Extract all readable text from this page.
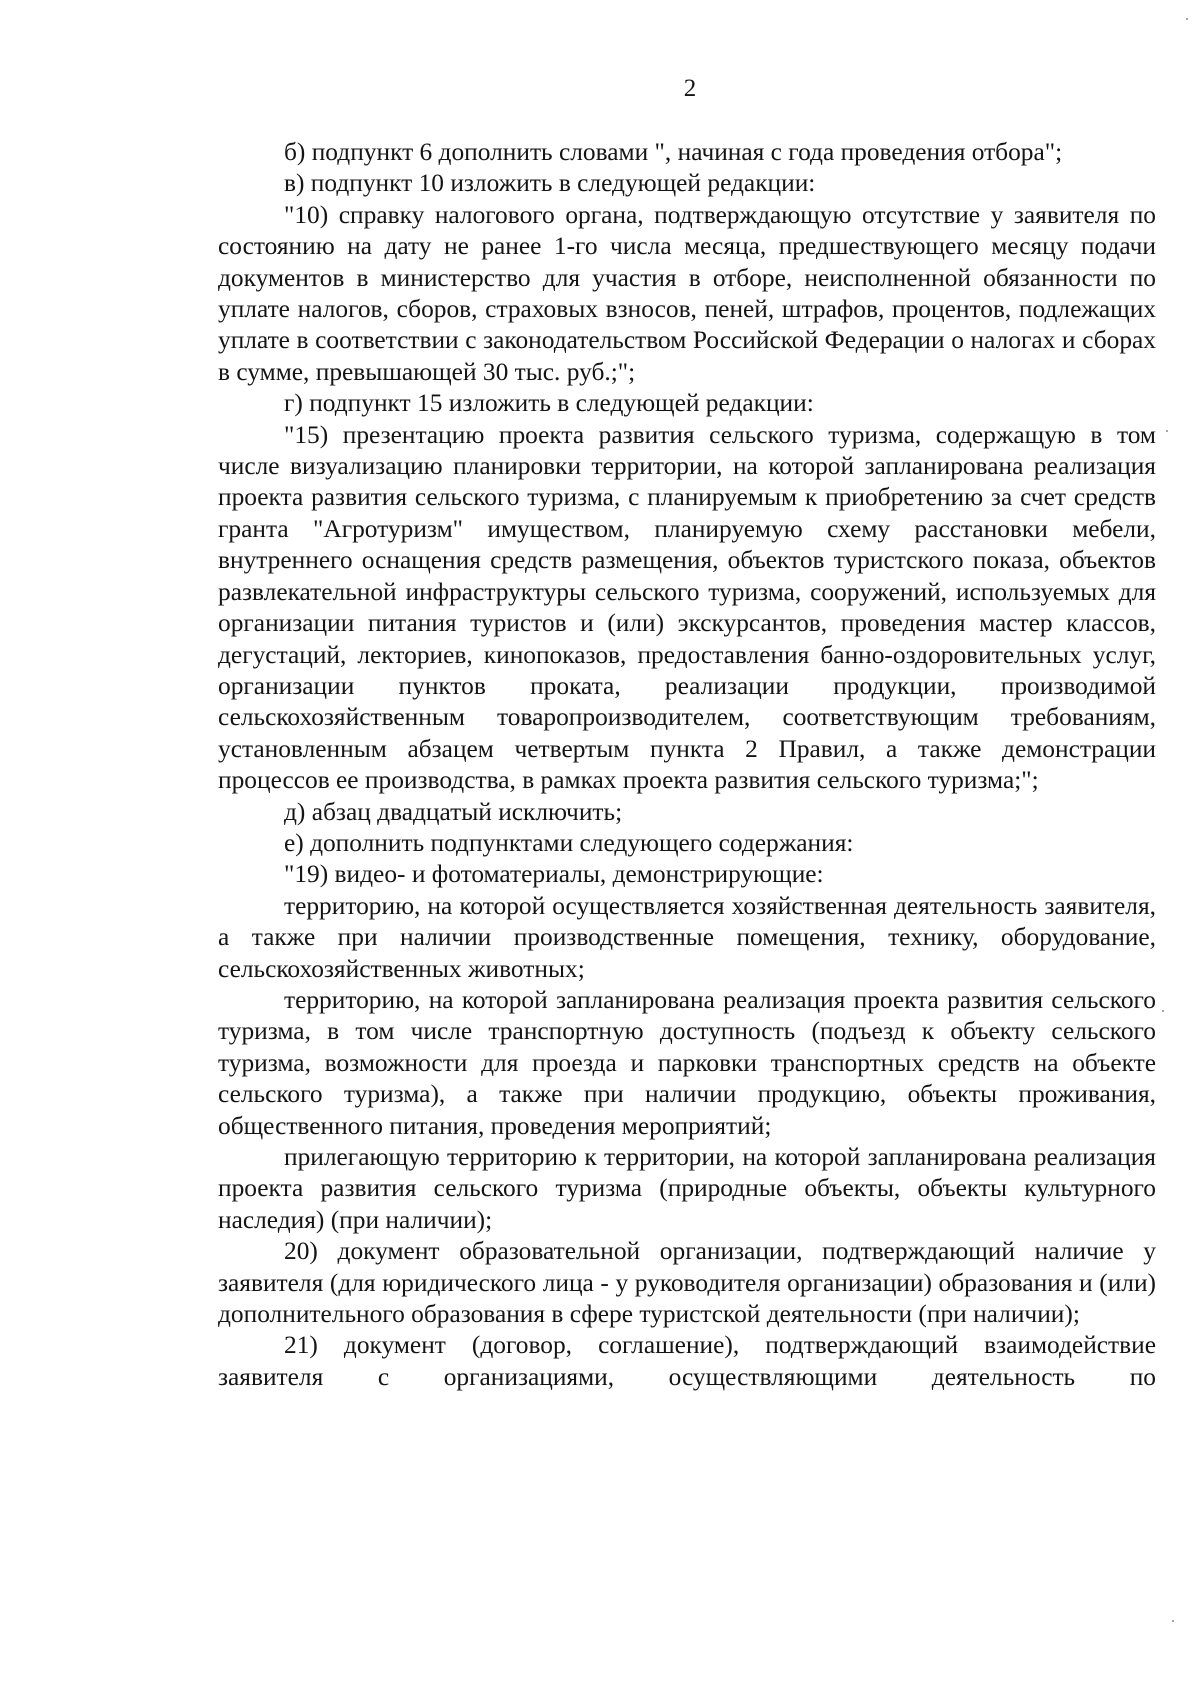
2

б) подпункт 6 дополнить словами ", начиная с года проведения отбора";

в) подпункт 10 изложить в следующей редакции:

"10) справку налогового органа, подтверждающую отсутствие у заявителя по состоянию на дату не ранее 1-го числа месяца, предшествующего месяцу подачи документов в министерство для участия в отборе, неисполненной обязанности по уплате налогов, сборов, страховых взносов, пеней, штрафов, процентов, подлежащих уплате в соответствии с законодательством Российской Федерации о налогах и сборах в сумме, превышающей 30 тыс. руб.;";

г) подпункт 15 изложить в следующей редакции:

"15) презентацию проекта развития сельского туризма, содержащую в том числе визуализацию планировки территории, на которой запланирована реализация проекта развития сельского туризма, с планируемым к приобретению за счет средств гранта "Агротуризм" имуществом, планируемую схему расстановки мебели, внутреннего оснащения средств размещения, объектов туристского показа, объектов развлекательной инфраструктуры сельского туризма, сооружений, используемых для организации питания туристов и (или) экскурсантов, проведения мастер классов, дегустаций, лекториев, кинопоказов, предоставления банно-оздоровительных услуг, организации пунктов проката, реализации продукции, производимой сельскохозяйственным товаропроизводителем, соответствующим требованиям, установленным абзацем четвертым пункта 2 Правил, а также демонстрации процессов ее производства, в рамках проекта развития сельского туризма;";

д) абзац двадцатый исключить;

е) дополнить подпунктами следующего содержания:

"19) видео- и фотоматериалы, демонстрирующие:

территорию, на которой осуществляется хозяйственная деятельность заявителя, а также при наличии производственные помещения, технику, оборудование, сельскохозяйственных животных;

территорию, на которой запланирована реализация проекта развития сельского туризма, в том числе транспортную доступность (подъезд к объекту сельского туризма, возможности для проезда и парковки транспортных средств на объекте сельского туризма), а также при наличии продукцию, объекты проживания, общественного питания, проведения мероприятий;

прилегающую территорию к территории, на которой запланирована реализация проекта развития сельского туризма (природные объекты, объекты культурного наследия) (при наличии);

20) документ образовательной организации, подтверждающий наличие у заявителя (для юридического лица - у руководителя организации) образования и (или) дополнительного образования в сфере туристской деятельности (при наличии);

21) документ (договор, соглашение), подтверждающий взаимодействие заявителя с организациями, осуществляющими деятельность по
